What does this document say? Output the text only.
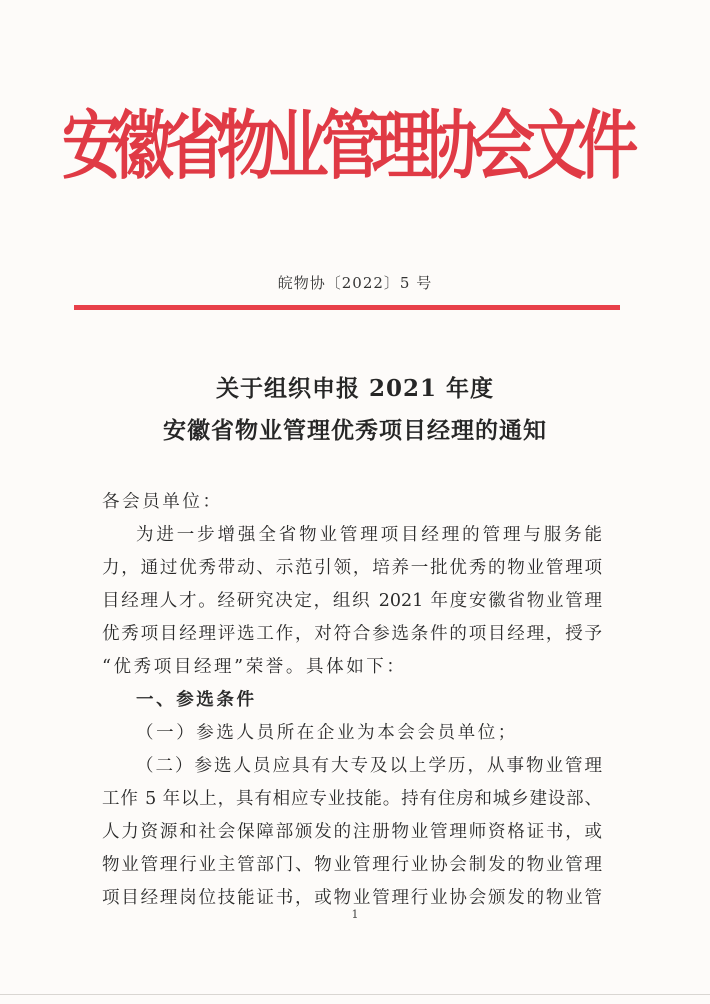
安徽省物业管理协会文件
皖物协〔2022〕5 号
关于组织申报 2021 年度
安徽省物业管理优秀项目经理的通知
各会员单位：
为进一步增强全省物业管理项目经理的管理与服务能
力，通过优秀带动、示范引领，培养一批优秀的物业管理项
目经理人才。经研究决定，组织 2021 年度安徽省物业管理
优秀项目经理评选工作，对符合参选条件的项目经理，授予
“优秀项目经理”荣誉。具体如下：
一、参选条件
（一）参选人员所在企业为本会会员单位；
（二）参选人员应具有大专及以上学历，从事物业管理
工作 5 年以上，具有相应专业技能。持有住房和城乡建设部、
人力资源和社会保障部颁发的注册物业管理师资格证书，或
物业管理行业主管部门、物业管理行业协会制发的物业管理
项目经理岗位技能证书，或物业管理行业协会颁发的物业管
1
